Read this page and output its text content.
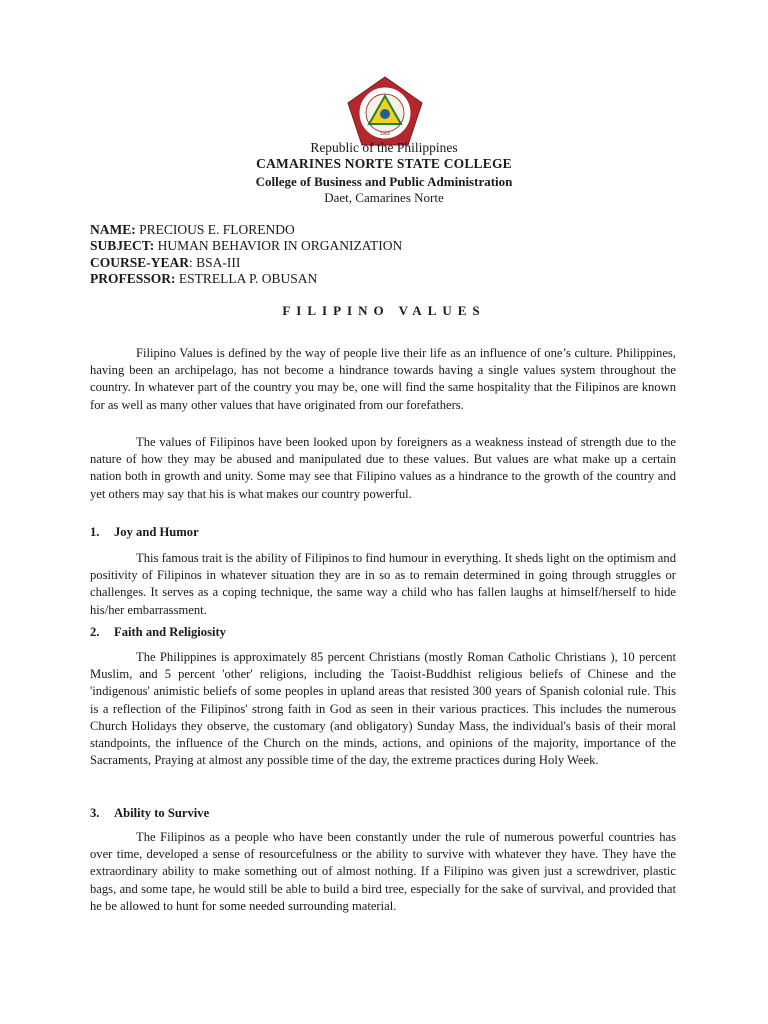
1992
Republic of the Philippines
CAMARINES NORTE STATE COLLEGE
College of Business and Public Administration
Daet, Camarines Norte
NAME: PRECIOUS E. FLORENDO
SUBJECT: HUMAN BEHAVIOR IN ORGANIZATION
COURSE-YEAR: BSA-III
PROFESSOR: ESTRELLA P. OBUSAN
FILIPINO VALUES

Filipino Values is defined by the way of people live their life as an influence of one’s culture. Philippines, having been an archipelago, has not become a hindrance towards having a single values system throughout the country. In whatever part of the country you may be, one will find the same hospitality that the Filipinos are known for as well as many other values that have originated from our forefathers.

The values of Filipinos have been looked upon by foreigners as a weakness instead of strength due to the nature of how they may be abused and manipulated due to these values. But values are what make up a certain nation both in growth and unity. Some may see that Filipino values as a hindrance to the growth of the country and yet others may say that his is what makes our country powerful.

1. Joy and Humor

This famous trait is the ability of Filipinos to find humour in everything. It sheds light on the optimism and positivity of Filipinos in whatever situation they are in so as to remain determined in going through struggles or challenges. It serves as a coping technique, the same way a child who has fallen laughs at himself/herself to hide his/her embarrassment.

2. Faith and Religiosity

The Philippines is approximately 85 percent Christians (mostly Roman Catholic Christians ), 10 percent Muslim, and 5 percent 'other' religions, including the Taoist-Buddhist religious beliefs of Chinese and the 'indigenous' animistic beliefs of some peoples in upland areas that resisted 300 years of Spanish colonial rule. This is a reflection of the Filipinos' strong faith in God as seen in their various practices. This includes the numerous Church Holidays they observe, the customary (and obligatory) Sunday Mass, the individual's basis of their moral standpoints, the influence of the Church on the minds, actions, and opinions of the majority, importance of the Sacraments, Praying at almost any possible time of the day, the extreme practices during Holy Week.

3. Ability to Survive

The Filipinos as a people who have been constantly under the rule of numerous powerful countries has over time, developed a sense of resourcefulness or the ability to survive with whatever they have. They have the extraordinary ability to make something out of almost nothing. If a Filipino was given just a screwdriver, plastic bags, and some tape, he would still be able to build a bird tree, especially for the sake of survival, and provided that he be allowed to hunt for some needed surrounding material.
